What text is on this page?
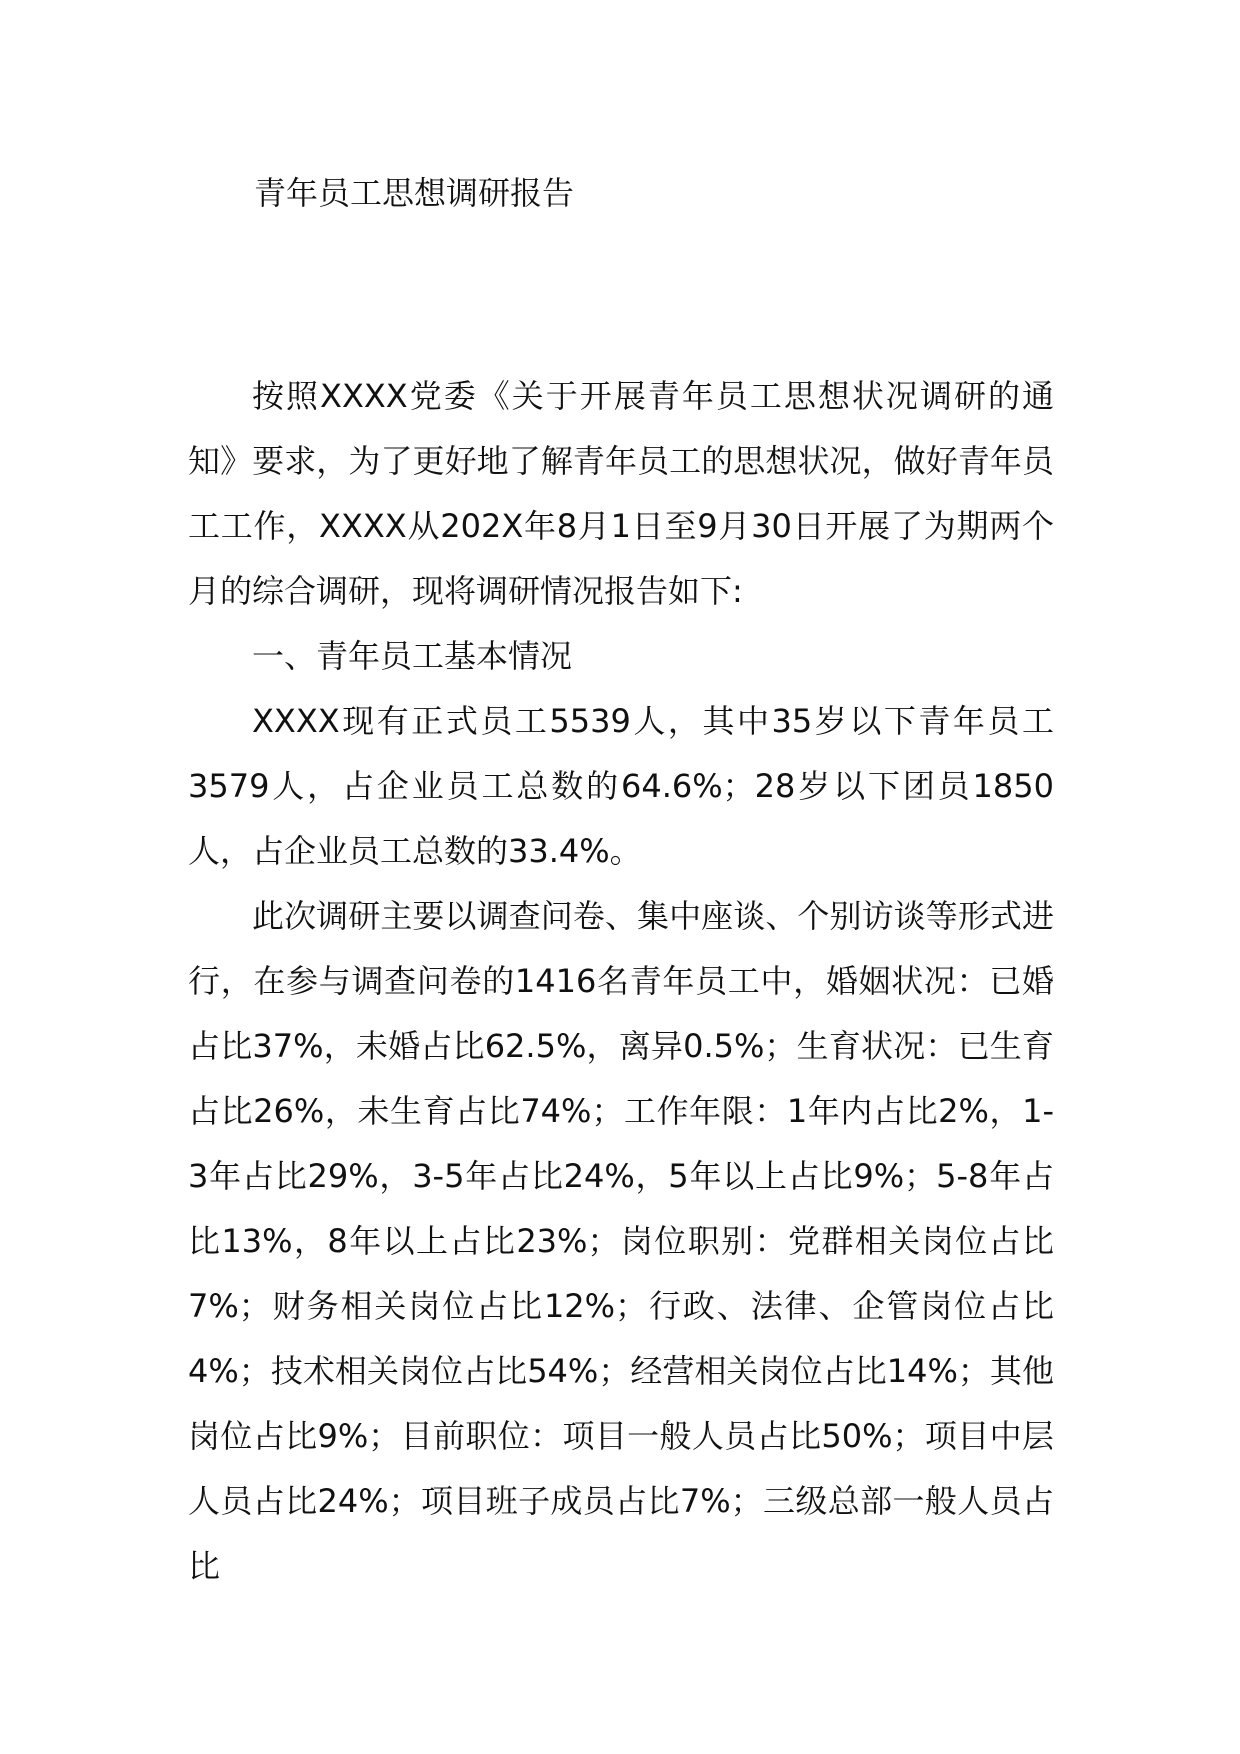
青年员工思想调研报告

按照XXXX党委《关于开展青年员工思想状况调研的通知》要求，为了更好地了解青年员工的思想状况，做好青年员工工作，XXXX从202X年8月1日至9月30日开展了为期两个月的综合调研，现将调研情况报告如下:

一、青年员工基本情况

XXXX现有正式员工5539人，其中35岁以下青年员工3579人，占企业员工总数的64.6%；28岁以下团员1850人，占企业员工总数的33.4%。

此次调研主要以调查问卷、集中座谈、个别访谈等形式进行，在参与调查问卷的1416名青年员工中，婚姻状况：已婚占比37%，未婚占比62.5%，离异0.5%；生育状况：已生育占比26%，未生育占比74%；工作年限：1年内占比2%，1-3年占比29%，3-5年占比24%，5年以上占比9%；5-8年占比13%，8年以上占比23%；岗位职别：党群相关岗位占比7%；财务相关岗位占比12%；行政、法律、企管岗位占比4%；技术相关岗位占比54%；经营相关岗位占比14%；其他岗位占比9%；目前职位：项目一般人员占比50%；项目中层人员占比24%；项目班子成员占比7%；三级总部一般人员占比
